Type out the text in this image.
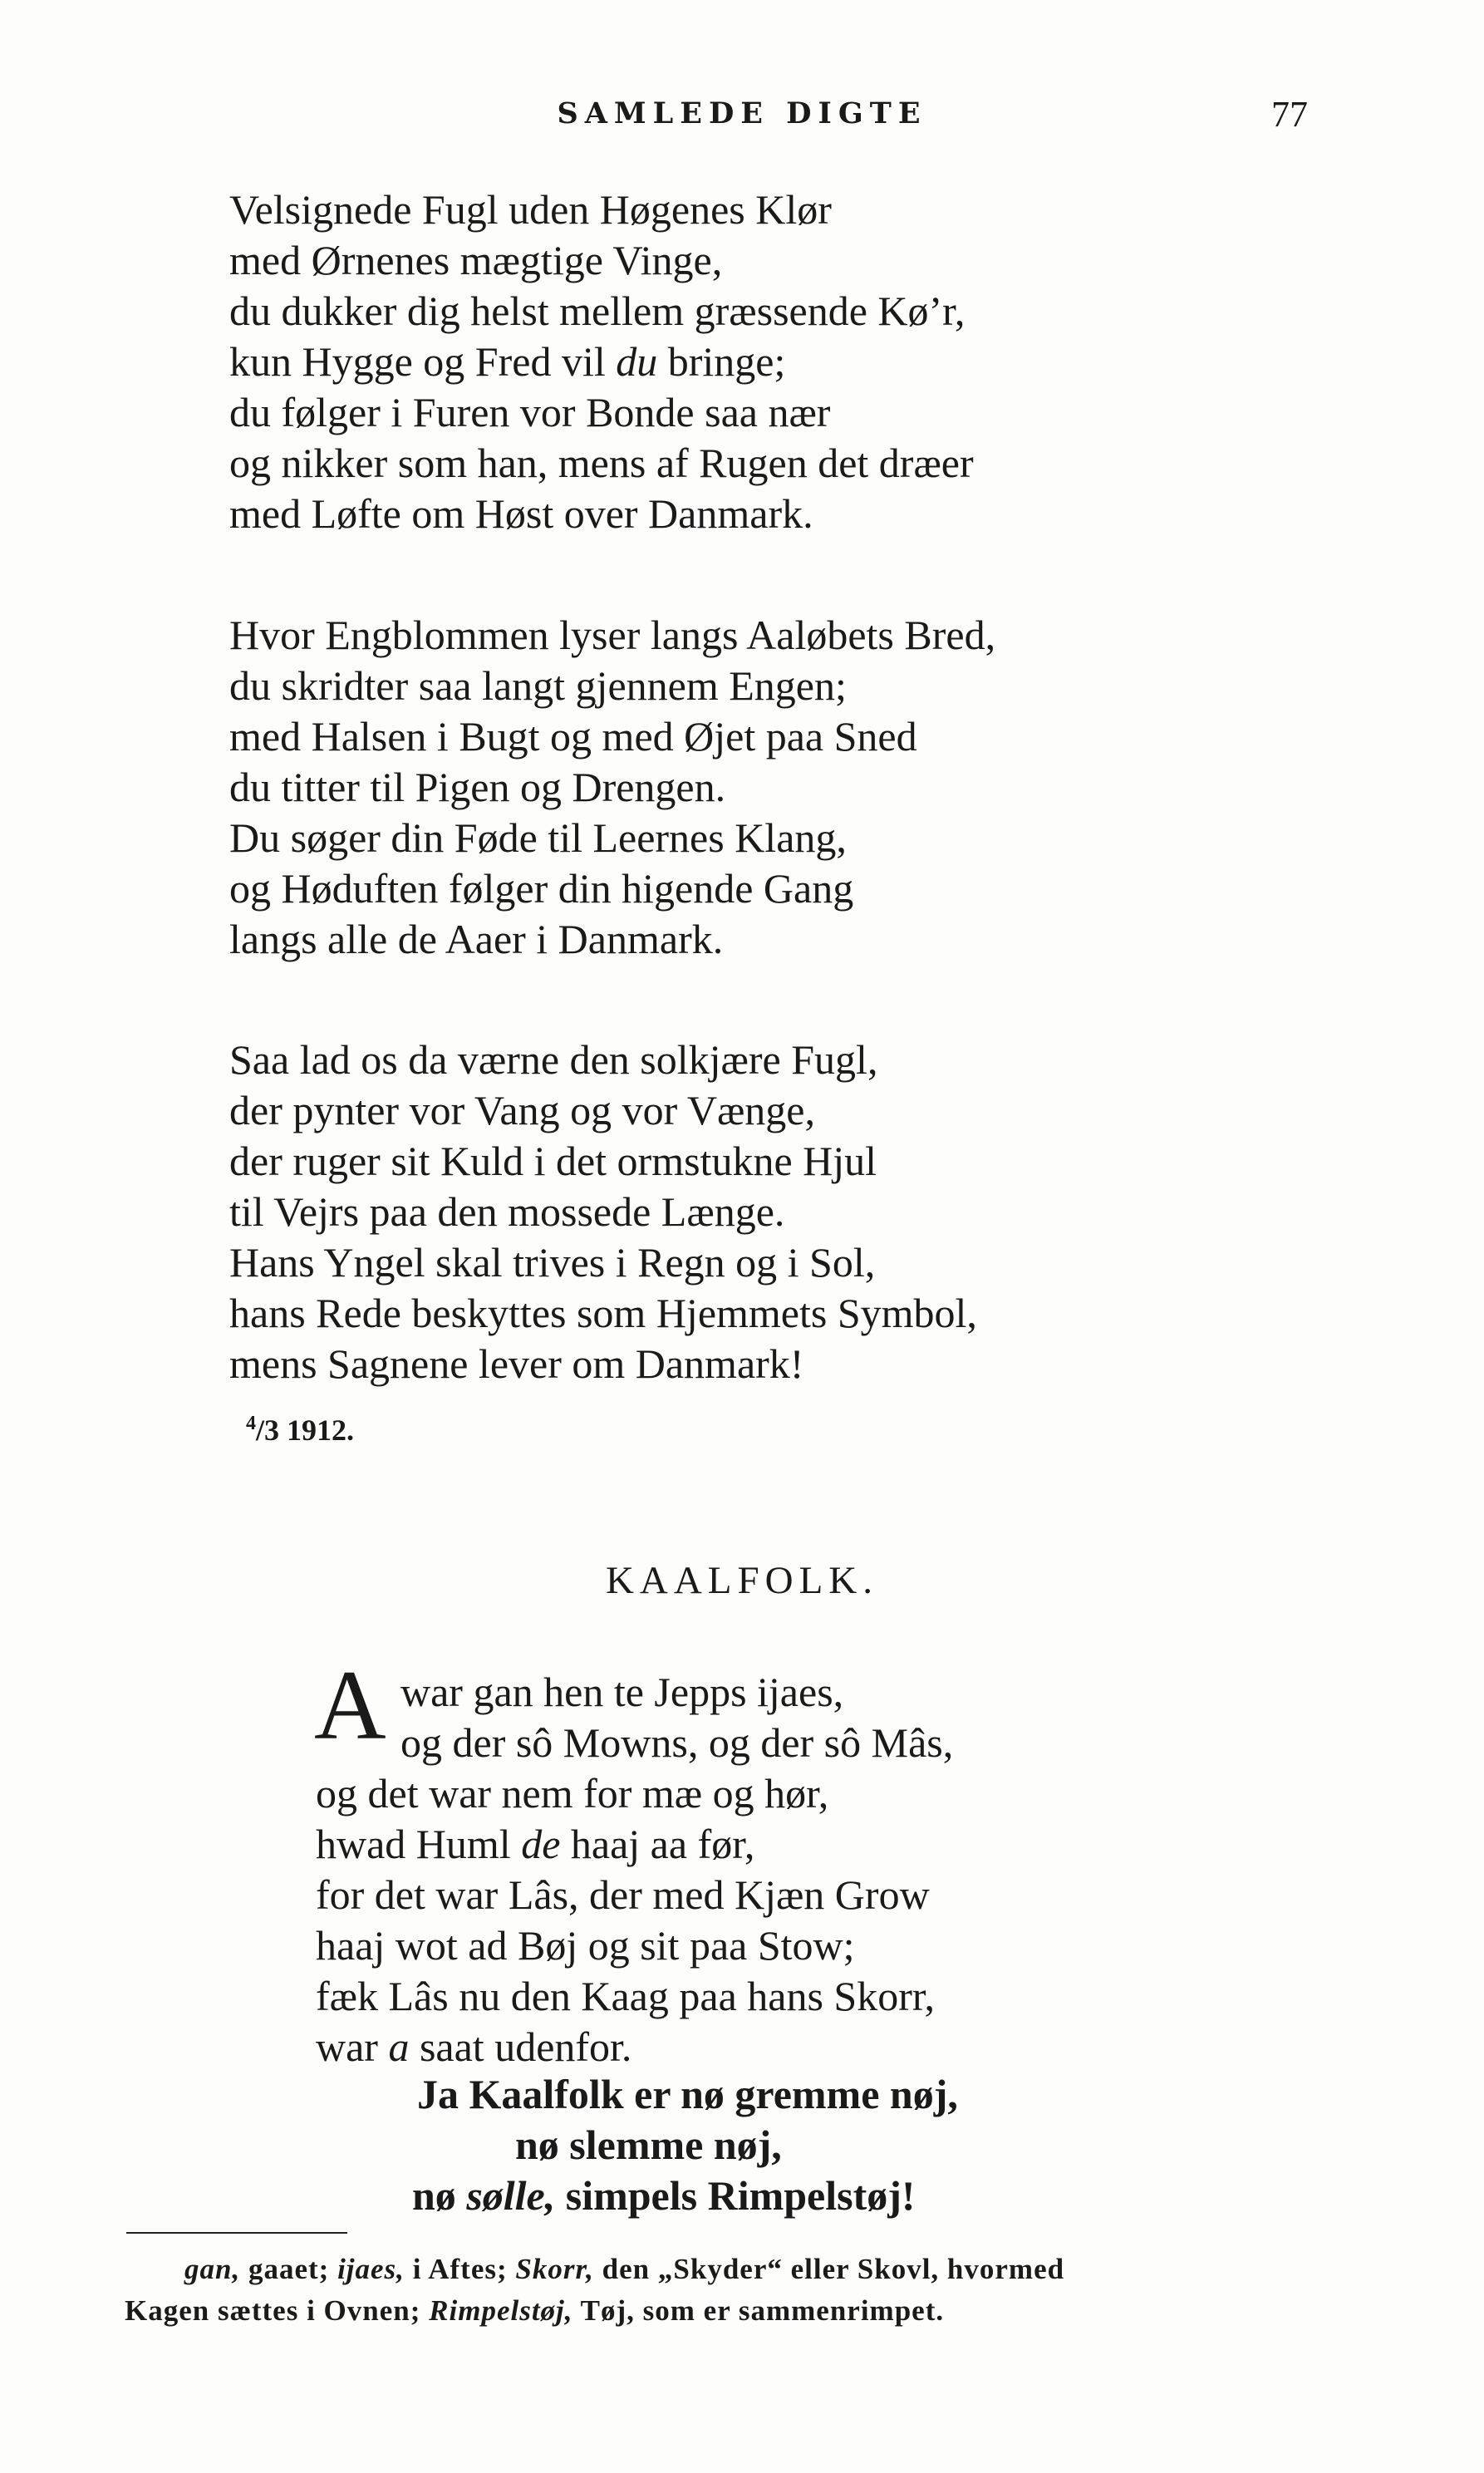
SAMLEDE DIGTE	77
Velsignede Fugl uden Høgenes Klør
med Ørnenes mægtige Vinge,
du dukker dig helst mellem græssende Kø’r,
kun Hygge og Fred vil du bringe;
du følger i Furen vor Bonde saa nær
og nikker som han, mens af Rugen det dræer
med Løfte om Høst over Danmark.
Hvor Engblommen lyser langs Aaløbets Bred,
du skridter saa langt gjennem Engen;
med Halsen i Bugt og med Øjet paa Sned
du titter til Pigen og Drengen.
Du søger din Føde til Leernes Klang,
og Høduften følger din higende Gang
langs alle de Aaer i Danmark.
Saa lad os da værne den solkjære Fugl,
der pynter vor Vang og vor Vænge,
der ruger sit Kuld i det ormstukne Hjul
til Vejrs paa den mossede Længe.
Hans Yngel skal trives i Regn og i Sol,
hans Rede beskyttes som Hjemmets Symbol,
mens Sagnene lever om Danmark!
$^4$/3 1912.
KAALFOLK.
A war gan hen te Jepps ijaes,
og der sô Mowns, og der sô Mâs,
og det war nem for mæ og hør,
hwad Huml de haaj aa før,
for det war Lâs, der med Kjæn Grow
haaj wot ad Bøj og sit paa Stow;
fæk Lâs nu den Kaag paa hans Skorr,
war a saat udenfor.
Ja Kaalfolk er nø gremme nøj,
nø slemme nøj,
nø sølle, simpels Rimpelstøj!
gan, gaaet; ijaes, i Aftes; Skorr, den „Skyder“ eller Skovl, hvormed
Kagen sættes i Ovnen; Rimpelstøj, Tøj, som er sammenrimpet.
